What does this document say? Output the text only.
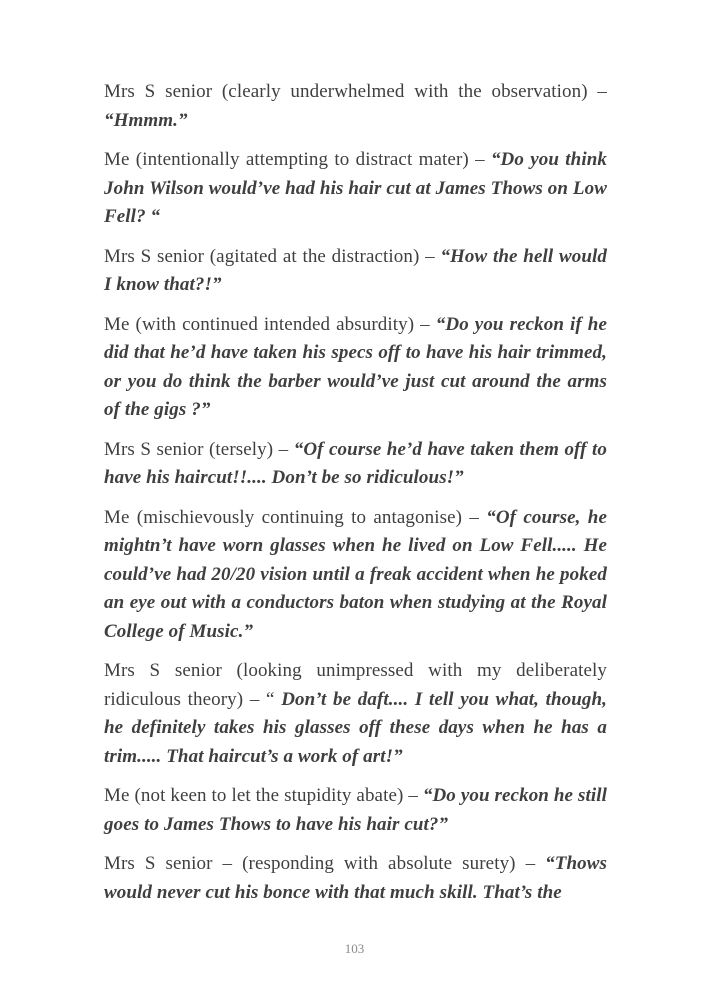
Mrs S senior (clearly underwhelmed with the observation) – “Hmmm.”

Me (intentionally attempting to distract mater) – “Do you think John Wilson would’ve had his hair cut at James Thows on Low Fell? “

Mrs S senior (agitated at the distraction) – “How the hell would I know that?!”

Me (with continued intended absurdity) – “Do you reckon if he did that he’d have taken his specs off to have his hair trimmed, or you do think the barber would’ve just cut around the arms of the gigs ?”

Mrs S senior (tersely) – “Of course he’d have taken them off to have his haircut!!.... Don’t be so ridiculous!”

Me (mischievously continuing to antagonise) – “Of course, he mightn’t have worn glasses when he lived on Low Fell..... He could’ve had 20/20 vision until a freak accident when he poked an eye out with a conductors baton when studying at the Royal College of Music.”

Mrs S senior (looking unimpressed with my deliberately ridiculous theory) – “ Don’t be daft.... I tell you what, though, he definitely takes his glasses off these days when he has a trim..... That haircut’s a work of art!”

Me (not keen to let the stupidity abate) – “Do you reckon he still goes to James Thows to have his hair cut?”

Mrs S senior – (responding with absolute surety) – “Thows would never cut his bonce with that much skill. That’s the

103
